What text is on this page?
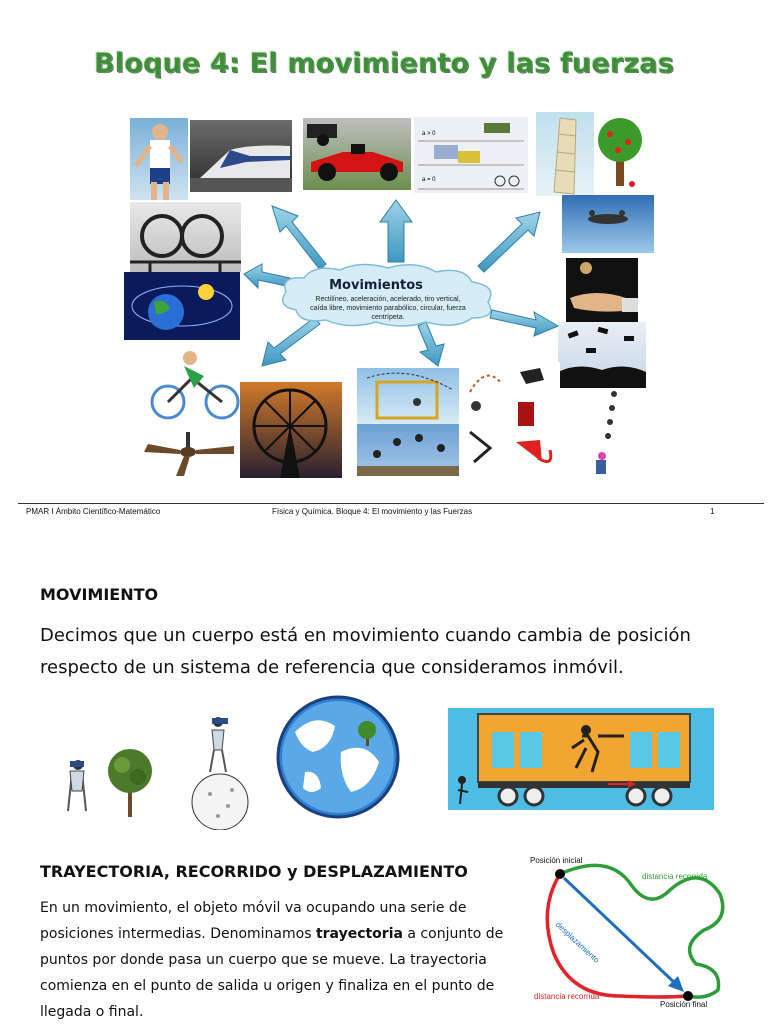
Bloque 4: El movimiento y las fuerzas
a > 0
a = 0
Movimientos
Rectilíneo, aceleración, acelerado, tiro vertical, caída libre, movimiento parabólico, circular, fuerza centrípeta.
PMAR I Ámbito Científico-Matemático	Física y Química. Bloque 4: El movimiento y las Fuerzas	1
MOVIMIENTO
Decimos que un cuerpo está en movimiento cuando cambia de posición respecto de un sistema de referencia que consideramos inmóvil.
TRAYECTORIA, RECORRIDO y DESPLAZAMIENTO
En un movimiento, el objeto móvil va ocupando una serie de posiciones intermedias. Denominamos trayectoria a conjunto de puntos por donde pasa un cuerpo que se mueve. La trayectoria comienza en el punto de salida u origen y finaliza en el punto de llegada o final.
Posición inicial
Posición final
distancia recorrida
distancia recorrida
desplazamiento
